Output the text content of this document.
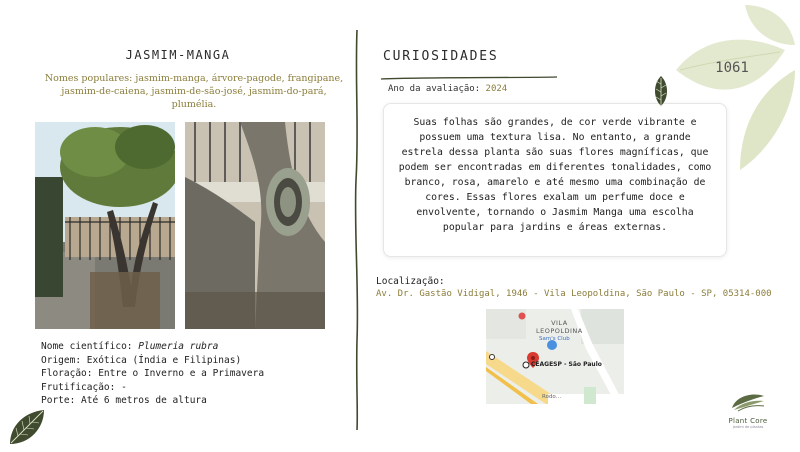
JASMIM-MANGA
Nomes populares: jasmim-manga, árvore-pagode, frangipane, jasmim-de-caiena, jasmim-de-são-josé, jasmim-do-pará, plumélia.
Nome científico: Plumeria rubra
Origem: Exótica (Índia e Filipinas)
Floração: Entre o Inverno e a Primavera
Frutificação: -
Porte: Até 6 metros de altura
CURIOSIDADES
Ano da avaliação: 2024

Suas folhas são grandes, de cor verde vibrante e possuem uma textura lisa. No entanto, a grande estrela dessa planta são suas flores magníficas, que podem ser encontradas em diferentes tonalidades, como branco, rosa, amarelo e até mesmo uma combinação de cores. Essas flores exalam um perfume doce e envolvente, tornando o Jasmim Manga uma escolha popular para jardins e áreas externas.

Localização:
Av. Dr. Gastão Vidigal, 1946 - Vila Leopoldina, São Paulo - SP, 05314-000
VILA
LEOPOLDINA
Sam's Club
CEAGESP - São Paulo
Rodo…
1061
Plant Core
jardim de plantas
